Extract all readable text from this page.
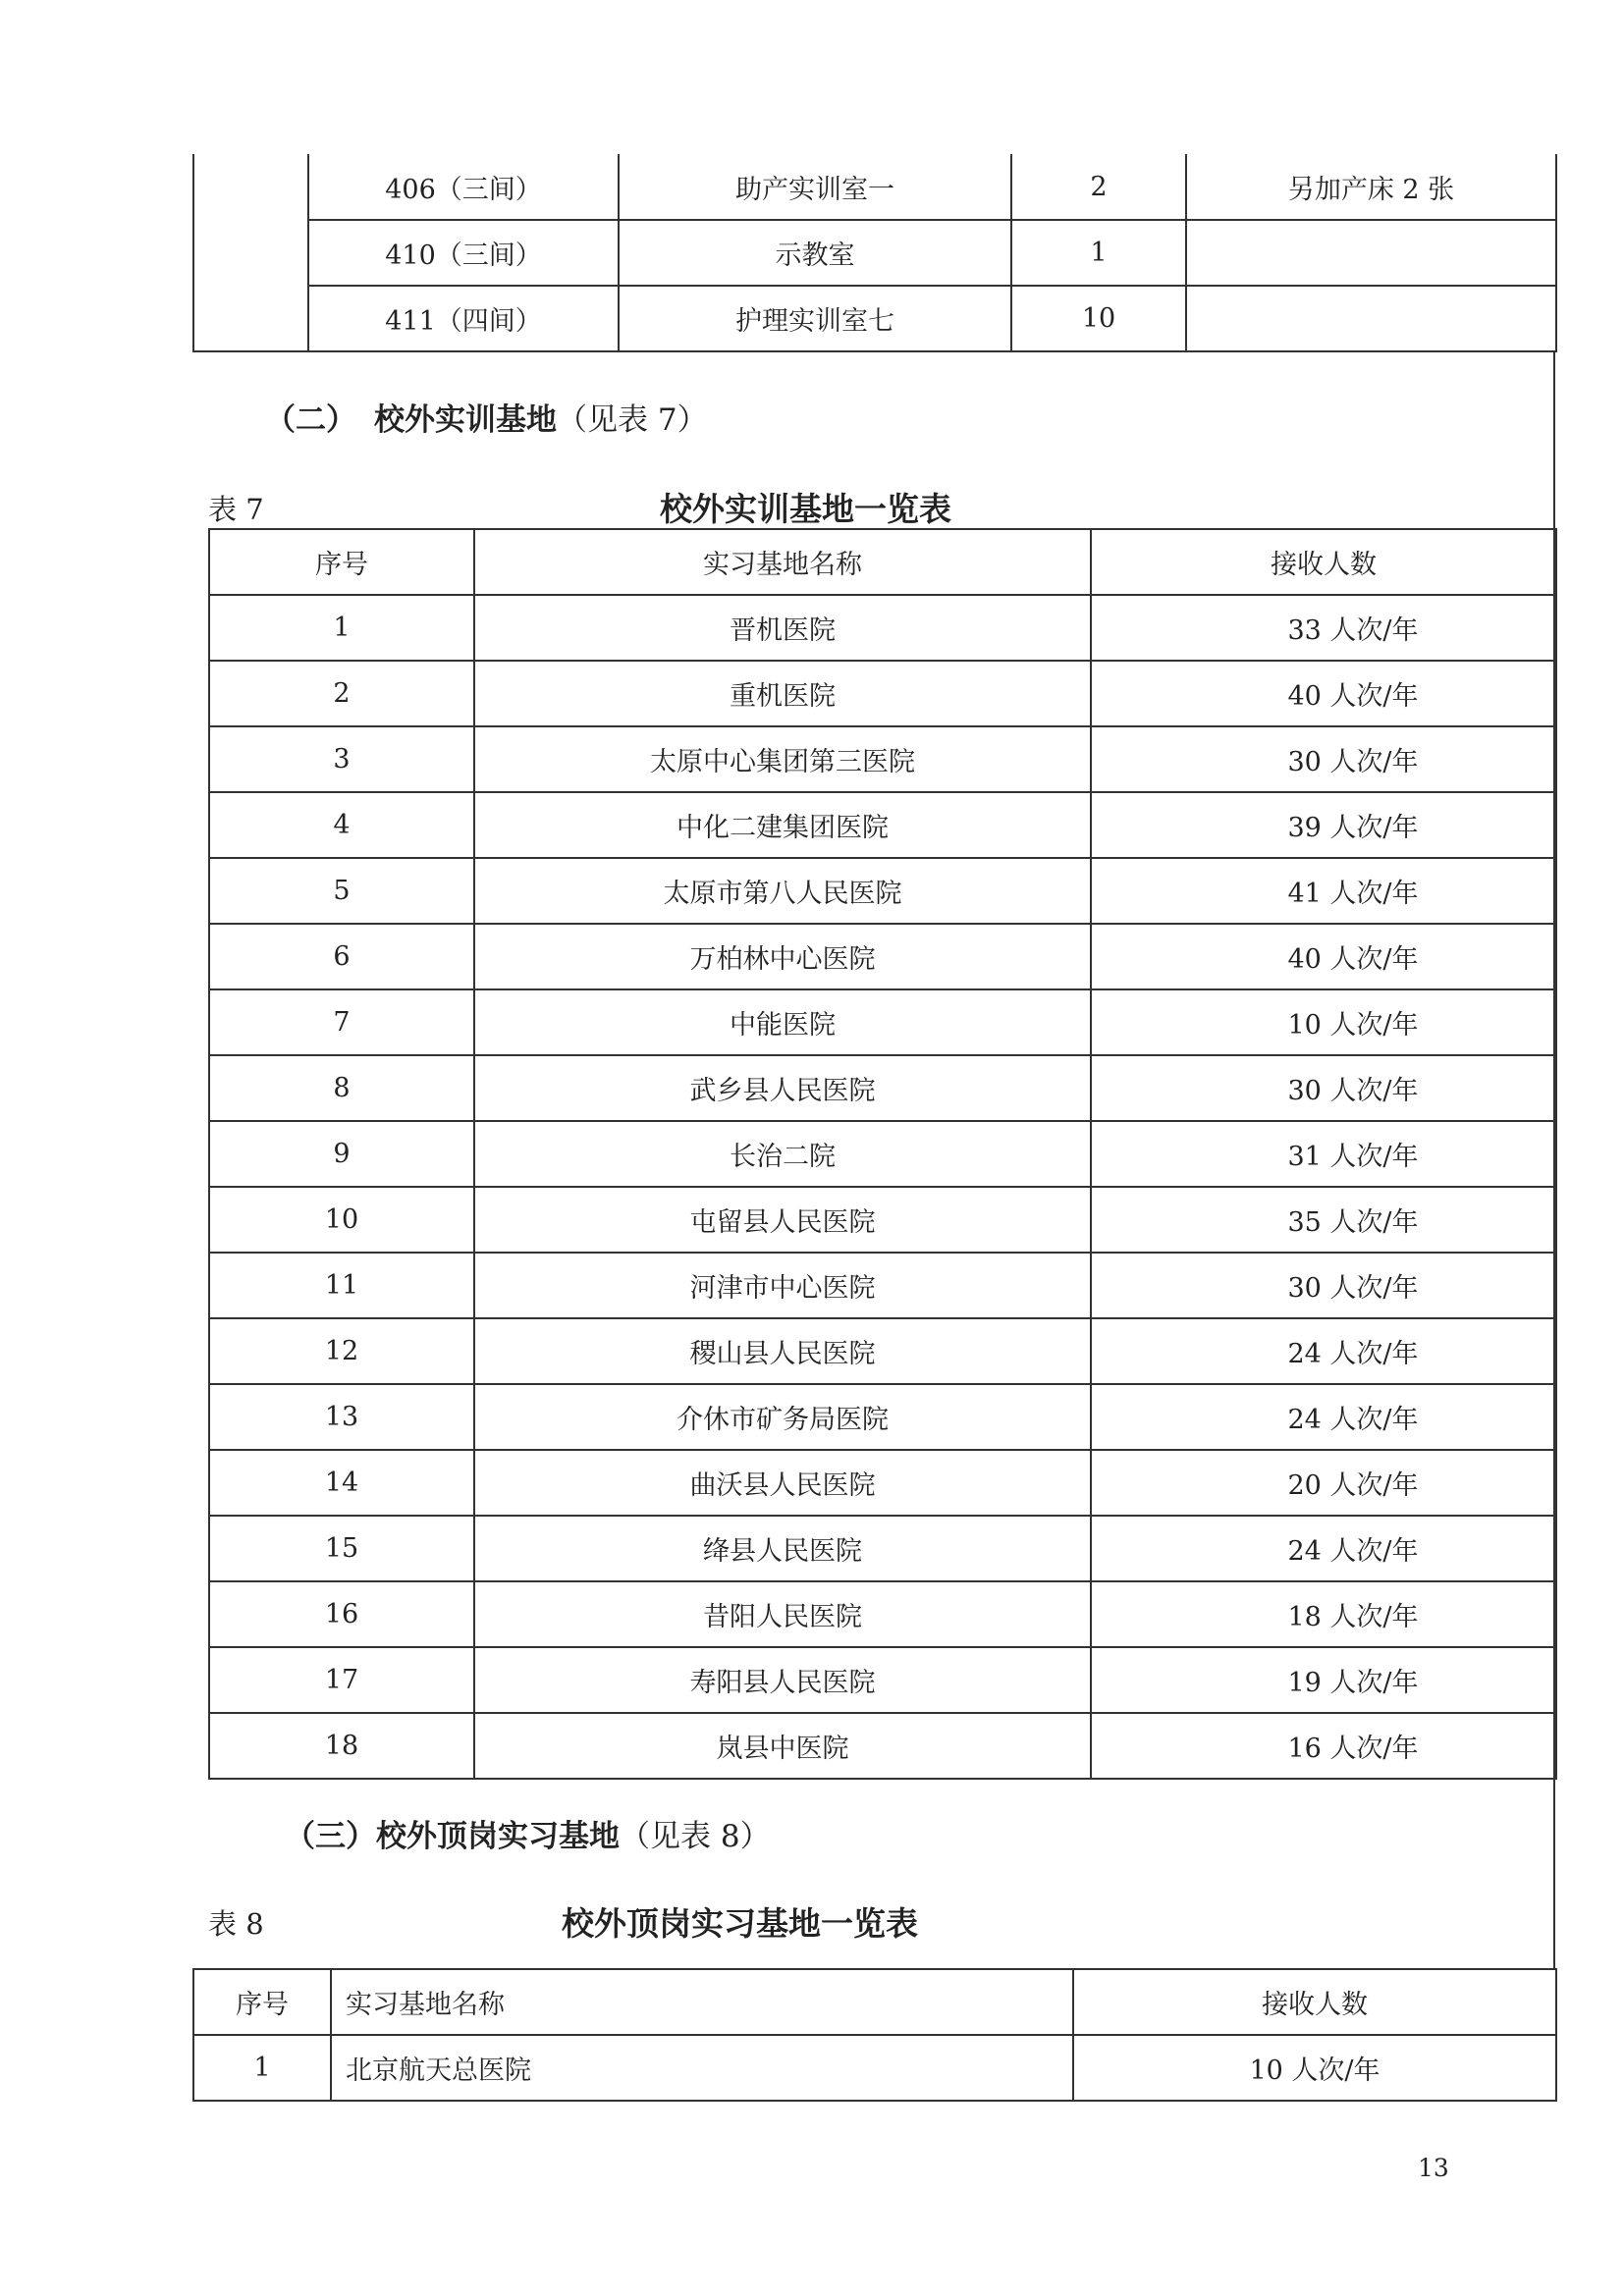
	406（三间）	助产实训室一	2	另加产床 2 张
	410（三间）	示教室	1	
	411（四间）	护理实训室七	10	
（二） 校外实训基地（见表 7）
表 7	校外实训基地一览表
序号	实习基地名称	接收人数
1	晋机医院	33 人次/年
2	重机医院	40 人次/年
3	太原中心集团第三医院	30 人次/年
4	中化二建集团医院	39 人次/年
5	太原市第八人民医院	41 人次/年
6	万柏林中心医院	40 人次/年
7	中能医院	10 人次/年
8	武乡县人民医院	30 人次/年
9	长治二院	31 人次/年
10	屯留县人民医院	35 人次/年
11	河津市中心医院	30 人次/年
12	稷山县人民医院	24 人次/年
13	介休市矿务局医院	24 人次/年
14	曲沃县人民医院	20 人次/年
15	绛县人民医院	24 人次/年
16	昔阳人民医院	18 人次/年
17	寿阳县人民医院	19 人次/年
18	岚县中医院	16 人次/年
（三）校外顶岗实习基地（见表 8）
表 8	校外顶岗实习基地一览表
序号	实习基地名称	接收人数
1	北京航天总医院	10 人次/年
13
